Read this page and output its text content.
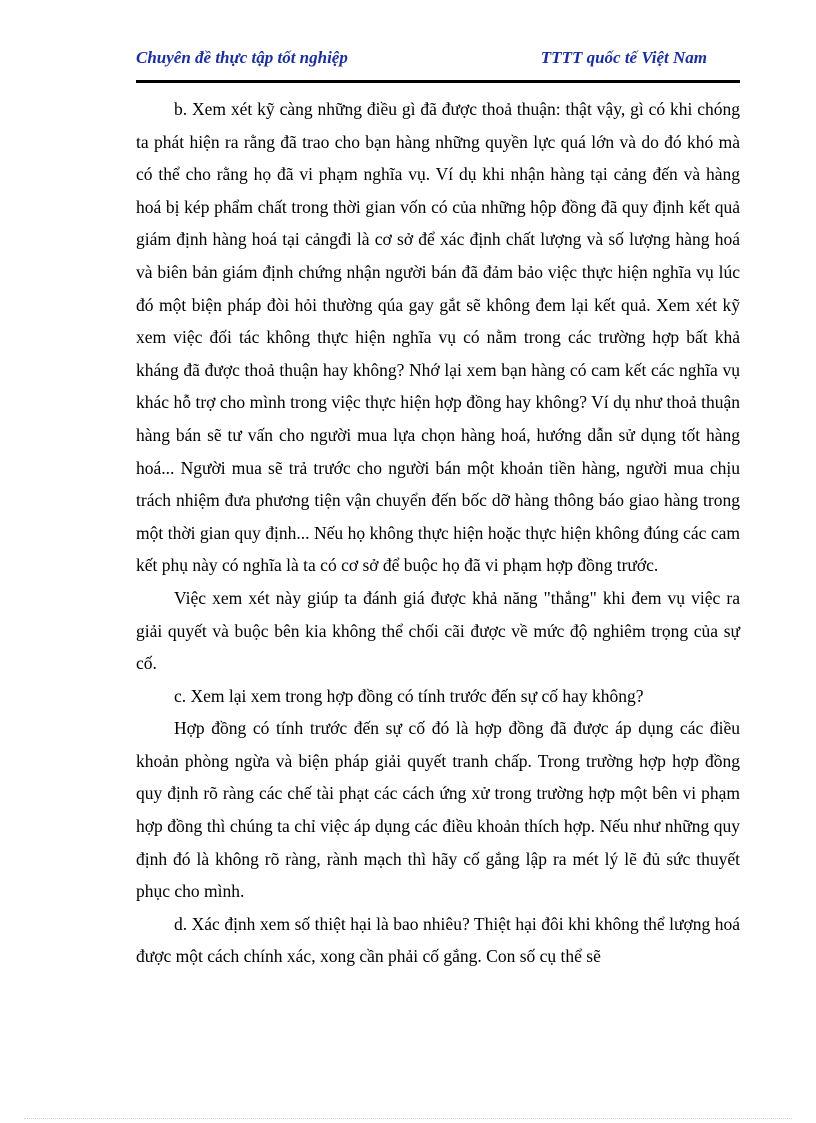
Chuyên đề thực tập tốt nghiệp	TTTT quốc tế Việt Nam

b. Xem xét kỹ càng những điều gì đã được thoả thuận: thật vậy, gì có khi chóng ta phát hiện ra rằng đã trao cho bạn hàng những quyền lực quá lớn và do đó khó mà có thể cho rằng họ đã vi phạm nghĩa vụ. Ví dụ khi nhận hàng tại cảng đến và hàng hoá bị kép phẩm chất trong thời gian vốn có của những hộp đồng đã quy định kết quả giám định hàng hoá tại cảngđi là cơ sở để xác định chất lượng và số lượng hàng hoá và biên bản giám định chứng nhận người bán đã đảm bảo việc thực hiện nghĩa vụ lúc đó một biện pháp đòi hỏi thường qúa gay gắt sẽ không đem lại kết quả. Xem xét kỹ xem việc đối tác không thực hiện nghĩa vụ có nằm trong các trường hợp bất khả kháng đã được thoả thuận hay không? Nhớ lại xem bạn hàng có cam kết các nghĩa vụ khác hỗ trợ cho mình trong việc thực hiện hợp đồng hay không? Ví dụ như thoả thuận hàng bán sẽ tư vấn cho người mua lựa chọn hàng hoá, hướng dẫn sử dụng tốt hàng hoá... Người mua sẽ trả trước cho người bán một khoản tiền hàng, người mua chịu trách nhiệm đưa phương tiện vận chuyển đến bốc dỡ hàng thông báo giao hàng trong một thời gian quy định... Nếu họ không thực hiện hoặc thực hiện không đúng các cam kết phụ này có nghĩa là ta có cơ sở để buộc họ đã vi phạm hợp đồng trước.

Việc xem xét này giúp ta đánh giá được khả năng "thắng" khi đem vụ việc ra giải quyết và buộc bên kia không thể chối cãi được về mức độ nghiêm trọng của sự cố.

c. Xem lại xem trong hợp đồng có tính trước đến sự cố hay không?

Hợp đồng có tính trước đến sự cố đó là hợp đồng đã được áp dụng các điều khoản phòng ngừa và biện pháp giải quyết tranh chấp. Trong trường hợp hợp đồng quy định rõ ràng các chế tài phạt các cách ứng xử trong trường hợp một bên vi phạm hợp đồng thì chúng ta chỉ việc áp dụng các điều khoản thích hợp. Nếu như những quy định đó là không rõ ràng, rành mạch thì hãy cố gắng lập ra mét lý lẽ đủ sức thuyết phục cho mình.

d. Xác định xem số thiệt hại là bao nhiêu? Thiệt hại đôi khi không thể lượng hoá được một cách chính xác, xong cần phải cố gắng. Con số cụ thể sẽ
